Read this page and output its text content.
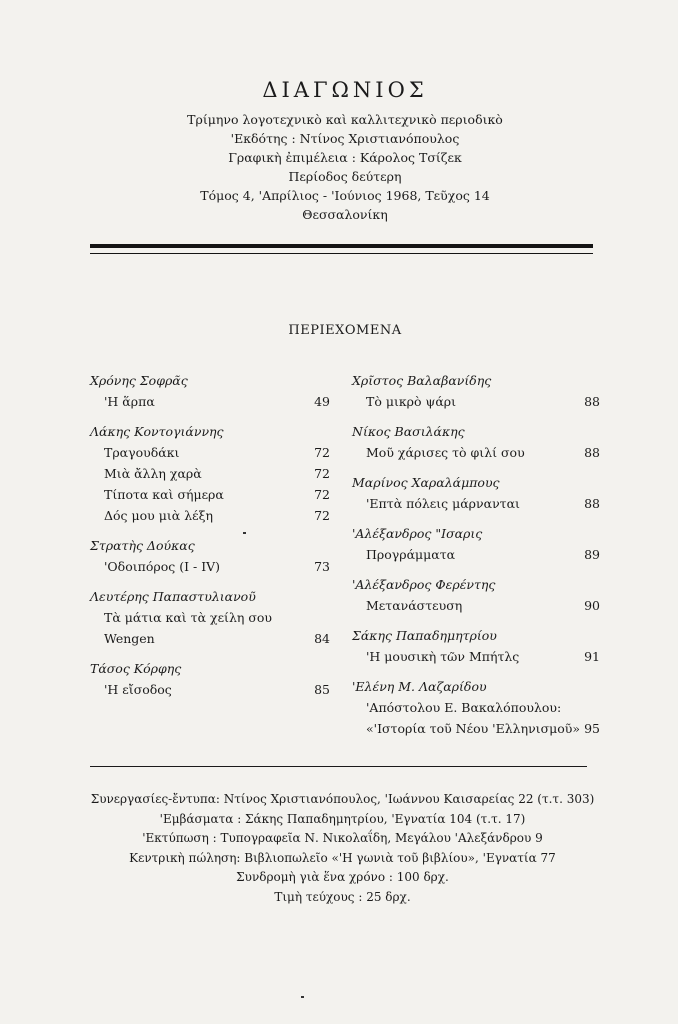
ΔΙΑΓΩΝΙΟΣ
Τρίμηνο λογοτεχνικὸ καὶ καλλιτεχνικὸ περιοδικὸ
'Εκδότης : Ντίνος Χριστιανόπουλος
Γραφικὴ ἐπιμέλεια : Κάρολος Τσίζεκ
Περίοδος δεύτερη
Τόμος 4, 'Απρίλιος - 'Ιούνιος 1968, Τεῦχος 14
Θεσσαλονίκη
ΠΕΡΙΕΧΟΜΕΝΑ
Χρόνης Σοφρᾶς
'Η ἅρπα	49
Λάκης Κοντογιάννης
Τραγουδάκι	72
Μιὰ ἄλλη χαρὰ	72
Τίποτα καὶ σήμερα	72
Δός μου μιὰ λέξη	72
Στρατὴς Δούκας
'Οδοιπόρος (I - IV)	73
Λευτέρης Παπαστυλιανοῦ
Τὰ μάτια καὶ τὰ χείλη σου
Wengen	84
Τάσος Κόρφης
'Η εἴσοδος	85
Χρῖστος Βαλαβανίδης
Τὸ μικρὸ ψάρι	88
Νίκος Βασιλάκης
Μοῦ χάρισες τὸ φιλί σου	88
Μαρίνος Χαραλάμπους
'Επτὰ πόλεις μάρνανται	88
'Αλέξανδρος "Ισαρις
Προγράμματα	89
'Αλέξανδρος Φερέντης
Μετανάστευση	90
Σάκης Παπαδημητρίου
'Η μουσικὴ τῶν Μπήτλς	91
'Ελένη Μ. Λαζαρίδου
'Απόστολου Ε. Βακαλόπουλου:
«'Ιστορία τοῦ Νέου 'Ελληνισμοῦ» 95
Συνεργασίες-ἔντυπα: Ντίνος Χριστιανόπουλος, 'Ιωάννου Καισαρείας 22 (τ.τ. 303)
'Εμβάσματα : Σάκης Παπαδημητρίου, 'Εγνατία 104 (τ.τ. 17)
'Εκτύπωση : Τυπογραφεῖα Ν. Νικολαΐδη, Μεγάλου 'Αλεξάνδρου 9
Κεντρικὴ πώληση: Βιβλιοπωλεῖο «'Η γωνιὰ τοῦ βιβλίου», 'Εγνατία 77
Συνδρομὴ γιὰ ἕνα χρόνο : 100 δρχ.
Τιμὴ τεύχους : 25 δρχ.
